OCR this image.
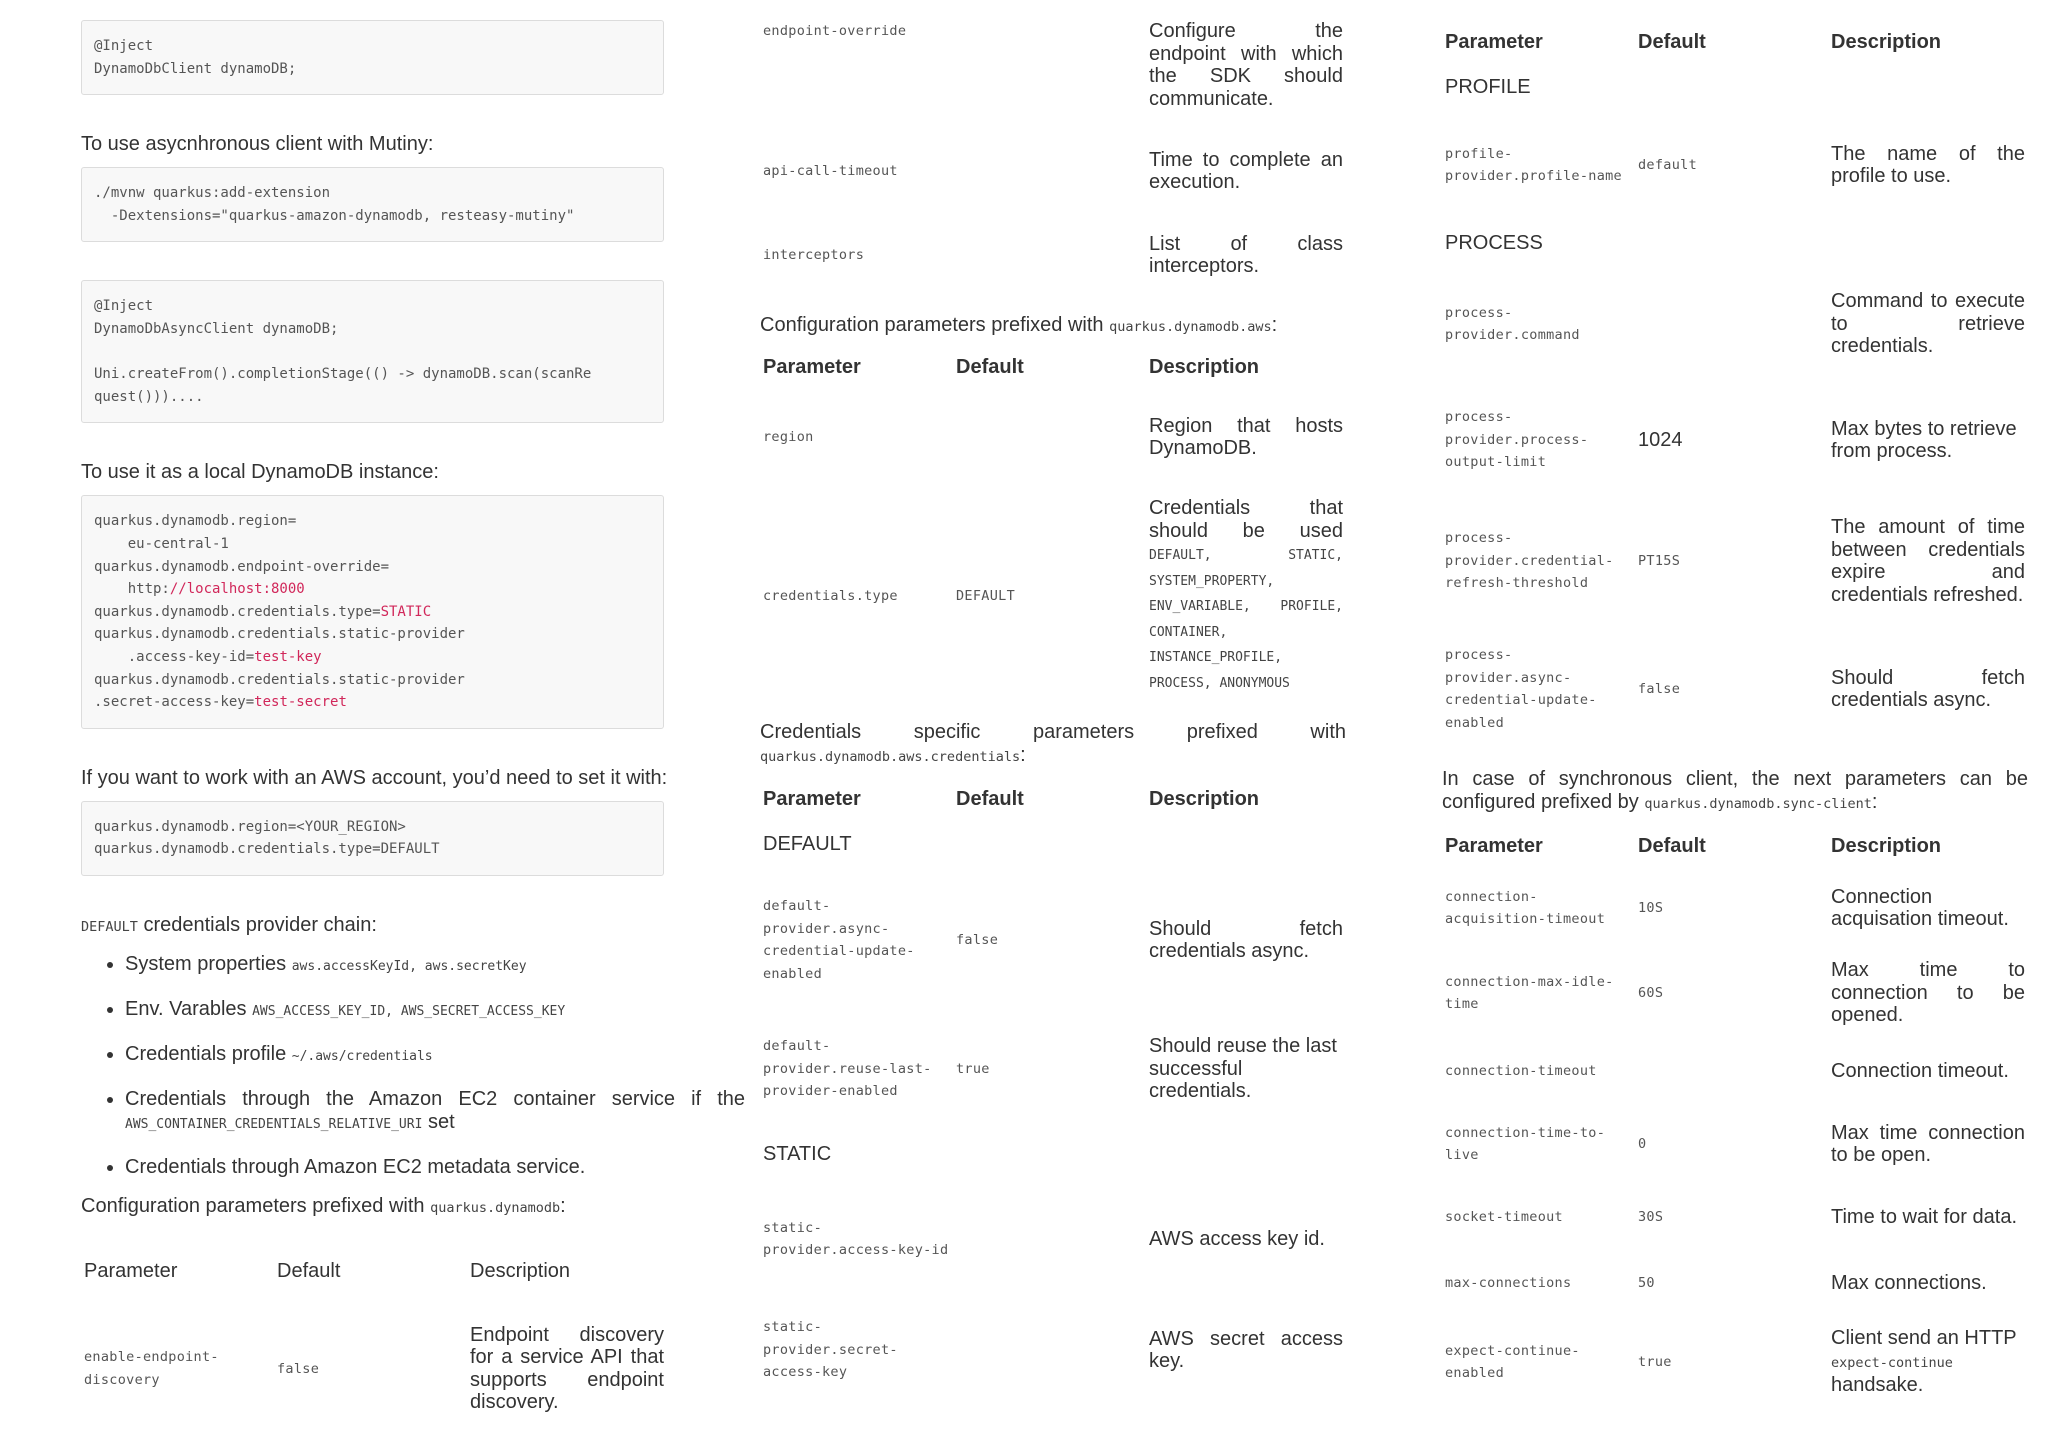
@Inject
DynamoDbClient dynamoDB;

To use asycnhronous client with Mutiny:

./mvnw quarkus:add-extension
-Dextensions="quarkus-amazon-dynamodb, resteasy-mutiny"
@Inject
DynamoDbAsyncClient dynamoDB;

Uni.createFrom().completionStage(() -> dynamoDB.scan(scanRe
quest()))....

To use it as a local DynamoDB instance:

quarkus.dynamodb.region=
eu-central-1
quarkus.dynamodb.endpoint-override=
http://localhost:8000
quarkus.dynamodb.credentials.type=STATIC
quarkus.dynamodb.credentials.static-provider
.access-key-id=test-key
quarkus.dynamodb.credentials.static-provider
.secret-access-key=test-secret

If you want to work with an AWS account, you’d need to set it with:

quarkus.dynamodb.region=<YOUR_REGION>
quarkus.dynamodb.credentials.type=DEFAULT

DEFAULT credentials provider chain:

• System properties aws.accessKeyId, aws.secretKey
• Env. Varables AWS_ACCESS_KEY_ID, AWS_SECRET_ACCESS_KEY
• Credentials profile ~/.aws/credentials
• Credentials through the Amazon EC2 container service if the AWS_CONTAINER_CREDENTIALS_RELATIVE_URI set
• Credentials through Amazon EC2 metadata service.

Configuration parameters prefixed with quarkus.dynamodb:

Parameter	Default	Description
enable-endpoint-discovery	false	Endpoint discovery for a service API that supports endpoint discovery.
endpoint-override		Configure the endpoint with which the SDK should communicate.
api-call-timeout		Time to complete an execution.
interceptors		List of class interceptors.

Configuration parameters prefixed with quarkus.dynamodb.aws:

Parameter	Default	Description
region		Region that hosts DynamoDB.
credentials.type	DEFAULT	Credentials that should be used DEFAULT, STATIC, SYSTEM_PROPERTY, ENV_VARIABLE, PROFILE, CONTAINER, INSTANCE_PROFILE, PROCESS, ANONYMOUS

Credentials specific parameters prefixed with

quarkus.dynamodb.aws.credentials:

Parameter	Default	Description
DEFAULT		
default-provider.async-credential-update-enabled	false	Should fetch credentials async.
default-provider.reuse-last-provider-enabled	true	Should reuse the last successful credentials.
STATIC		
static-provider.access-key-id		AWS access key id.
static-provider.secret-access-key		AWS secret access key.
Parameter	Default	Description
PROFILE		
profile-provider.profile-name	default	The name of the profile to use.
PROCESS		
process-provider.command		Command to execute to retrieve credentials.
process-provider.process-output-limit	1024	Max bytes to retrieve from process.
process-provider.credential-refresh-threshold	PT15S	The amount of time between credentials expire and credentials refreshed.
process-provider.async-credential-update-enabled	false	Should fetch credentials async.

In case of synchronous client, the next parameters can be configured prefixed by quarkus.dynamodb.sync-client:

Parameter	Default	Description
connection-acquisition-timeout	10S	Connection acquisation timeout.
connection-max-idle-time	60S	Max time to connection to be opened.
connection-timeout		Connection timeout.
connection-time-to-live	0	Max time connection to be open.
socket-timeout	30S	Time to wait for data.
max-connections	50	Max connections.
expect-continue-enabled	true	Client send an HTTP expect-continue handsake.
